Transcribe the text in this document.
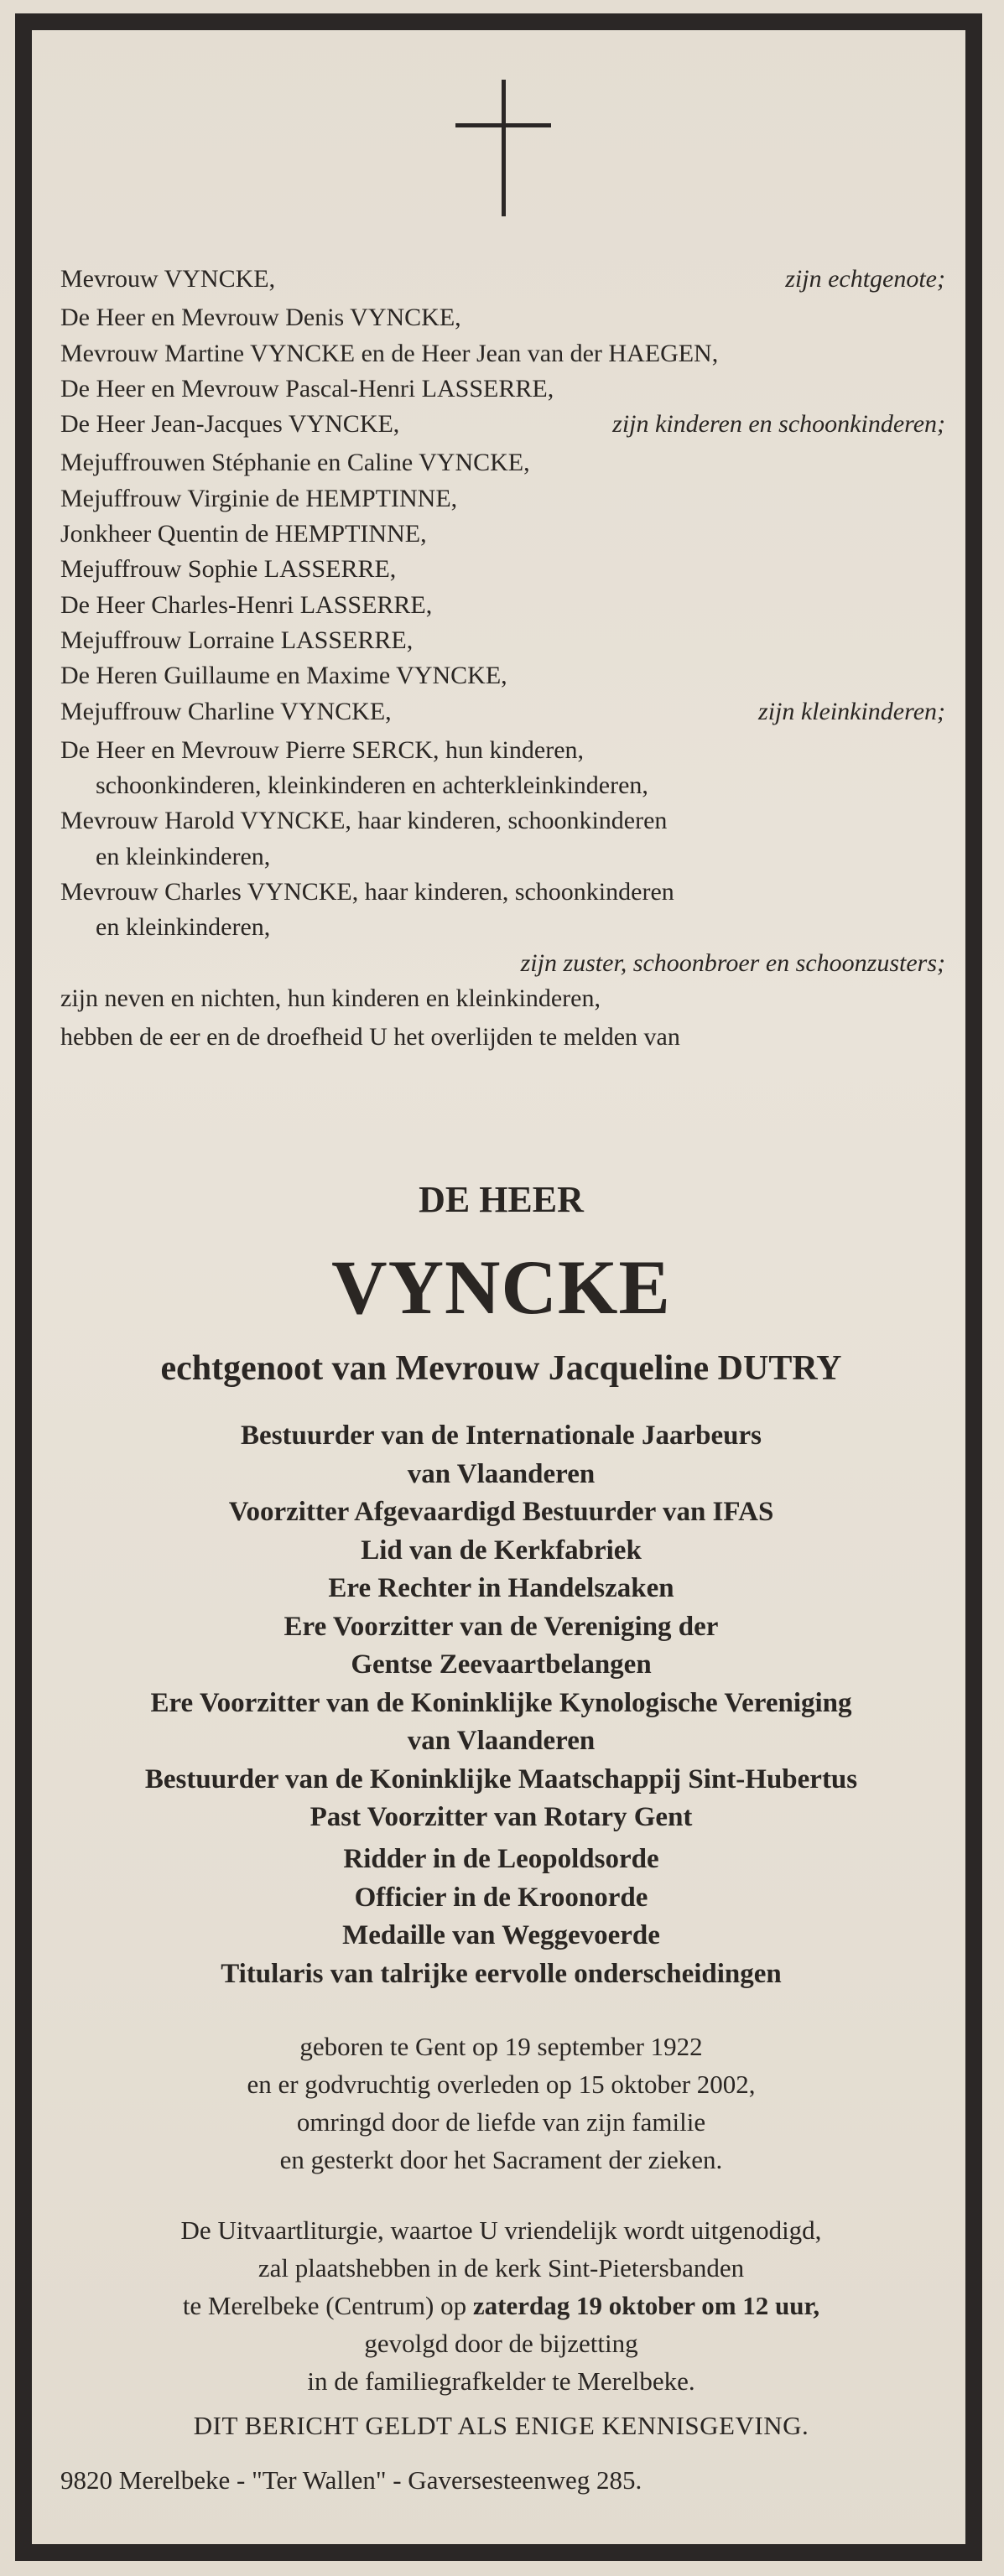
Mevrouw VYNCKE,	zijn echtgenote;
De Heer en Mevrouw Denis VYNCKE,
Mevrouw Martine VYNCKE en de Heer Jean van der HAEGEN,
De Heer en Mevrouw Pascal-Henri LASSERRE,
De Heer Jean-Jacques VYNCKE,	zijn kinderen en schoonkinderen;
Mejuffrouwen Stéphanie en Caline VYNCKE,
Mejuffrouw Virginie de HEMPTINNE,
Jonkheer Quentin de HEMPTINNE,
Mejuffrouw Sophie LASSERRE,
De Heer Charles-Henri LASSERRE,
Mejuffrouw Lorraine LASSERRE,
De Heren Guillaume en Maxime VYNCKE,
Mejuffrouw Charline VYNCKE,	zijn kleinkinderen;
De Heer en Mevrouw Pierre SERCK, hun kinderen,
schoonkinderen, kleinkinderen en achterkleinkinderen,
Mevrouw Harold VYNCKE, haar kinderen, schoonkinderen
en kleinkinderen,
Mevrouw Charles VYNCKE, haar kinderen, schoonkinderen
en kleinkinderen,
zijn zuster, schoonbroer en schoonzusters;
zijn neven en nichten, hun kinderen en kleinkinderen,
hebben de eer en de droefheid U het overlijden te melden van
DE HEER
VYNCKE
echtgenoot van Mevrouw Jacqueline DUTRY
Bestuurder van de Internationale Jaarbeurs
van Vlaanderen
Voorzitter Afgevaardigd Bestuurder van IFAS
Lid van de Kerkfabriek
Ere Rechter in Handelszaken
Ere Voorzitter van de Vereniging der
Gentse Zeevaartbelangen
Ere Voorzitter van de Koninklijke Kynologische Vereniging
van Vlaanderen
Bestuurder van de Koninklijke Maatschappij Sint-Hubertus
Past Voorzitter van Rotary Gent
Ridder in de Leopoldsorde
Officier in de Kroonorde
Medaille van Weggevoerde
Titularis van talrijke eervolle onderscheidingen
geboren te Gent op 19 september 1922
en er godvruchtig overleden op 15 oktober 2002,
omringd door de liefde van zijn familie
en gesterkt door het Sacrament der zieken.
De Uitvaartliturgie, waartoe U vriendelijk wordt uitgenodigd,
zal plaatshebben in de kerk Sint-Pietersbanden
te Merelbeke (Centrum) op zaterdag 19 oktober om 12 uur,
gevolgd door de bijzetting
in de familiegrafkelder te Merelbeke.
DIT BERICHT GELDT ALS ENIGE KENNISGEVING.
9820 Merelbeke - "Ter Wallen" - Gaversesteenweg 285.
